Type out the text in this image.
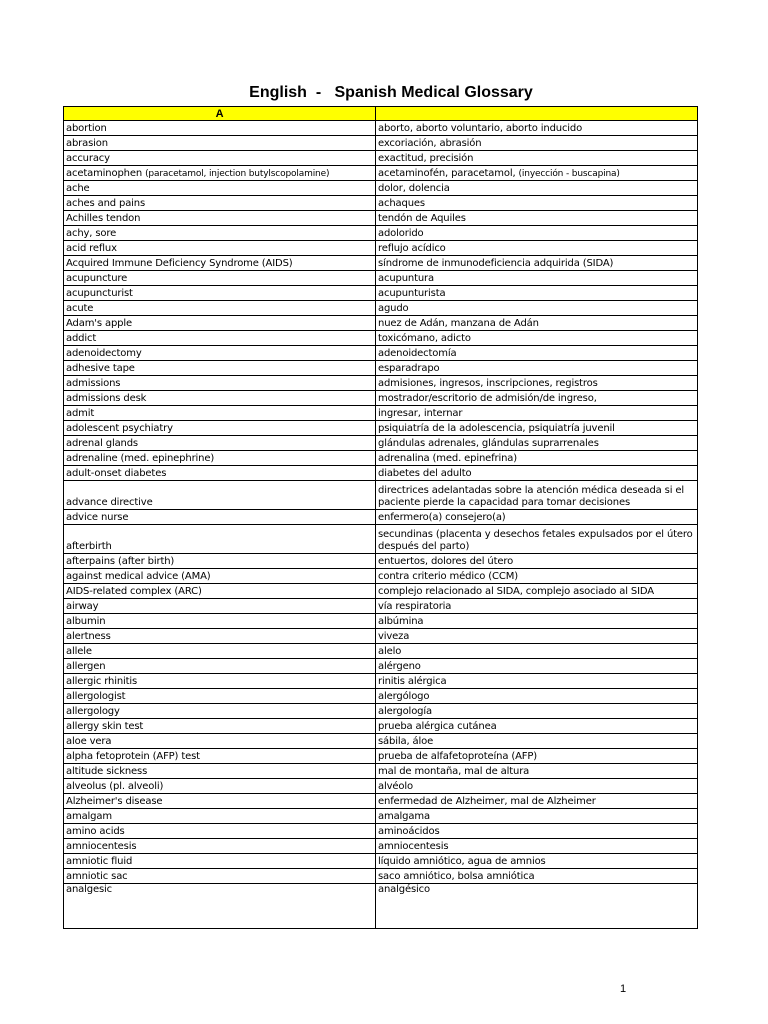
English  -   Spanish Medical Glossary
A	
abortion	aborto, aborto voluntario, aborto inducido
abrasion	excoriación, abrasión
accuracy	exactitud, precisión
acetaminophen (paracetamol, injection butylscopolamine)	acetaminofén, paracetamol, (inyección - buscapina)
ache	dolor, dolencia
aches and pains	achaques
Achilles tendon	tendón de Aquiles
achy, sore	adolorido
acid reflux	reflujo acídico
Acquired Immune Deficiency Syndrome (AIDS)	síndrome de inmunodeficiencia adquirida (SIDA)
acupuncture	acupuntura
acupuncturist	acupunturista
acute	agudo
Adam's apple	nuez de Adán, manzana de Adán
addict	toxicómano, adicto
adenoidectomy	adenoidectomía
adhesive tape	esparadrapo
admissions	admisiones, ingresos, inscripciones, registros
admissions desk	mostrador/escritorio de admisión/de ingreso,
admit	ingresar, internar
adolescent psychiatry	psiquiatría de la adolescencia, psiquiatría juvenil
adrenal glands	glándulas adrenales, glándulas suprarrenales
adrenaline (med. epinephrine)	adrenalina (med. epinefrina)
adult-onset diabetes	diabetes del adulto
advance directive	directrices adelantadas sobre la atención médica deseada si el paciente pierde la capacidad para tomar decisiones
advice nurse	enfermero(a) consejero(a)
afterbirth	secundinas (placenta y desechos fetales expulsados por el útero después del parto)
afterpains (after birth)	entuertos, dolores del útero
against medical advice (AMA)	contra criterio médico (CCM)
AIDS-related complex (ARC)	complejo relacionado al SIDA, complejo asociado al SIDA
airway	vía respiratoria
albumin	albúmina
alertness	viveza
allele	alelo
allergen	alérgeno
allergic rhinitis	rinitis alérgica
allergologist	alergólogo
allergology	alergología
allergy skin test	prueba alérgica cutánea
aloe vera	sábila, áloe
alpha fetoprotein (AFP) test	prueba de alfafetoproteína (AFP)
altitude sickness	mal de montaña, mal de altura
alveolus (pl. alveoli)	alvéolo
Alzheimer's disease	enfermedad de Alzheimer, mal de Alzheimer
amalgam	amalgama
amino acids	aminoácidos
amniocentesis	amniocentesis
amniotic fluid	líquido amniótico, agua de amnios
amniotic sac	saco amniótico, bolsa amniótica
analgesic	analgésico
1
